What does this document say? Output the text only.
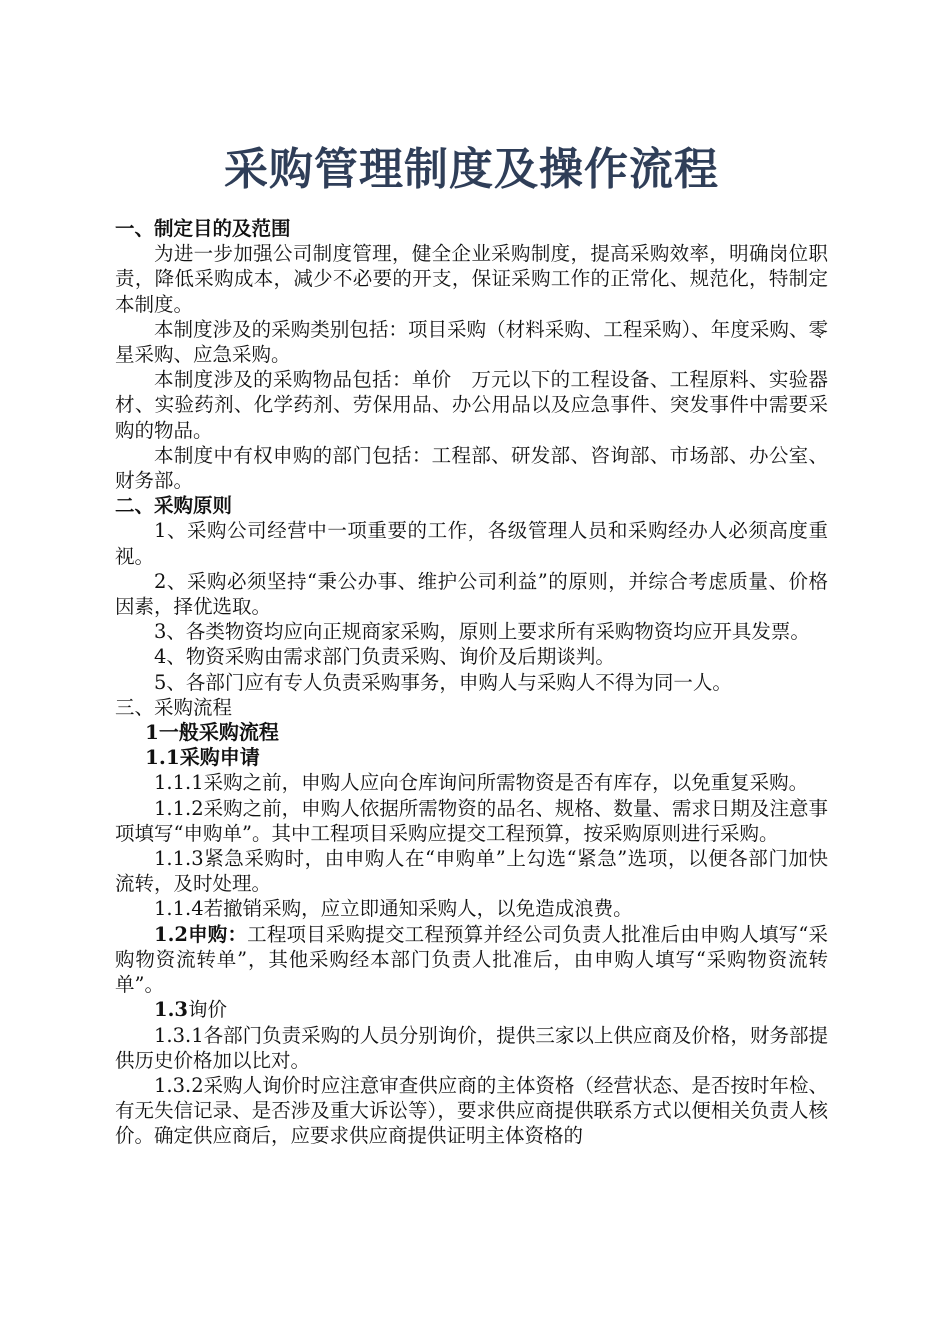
采购管理制度及操作流程

一、制定目的及范围

为进一步加强公司制度管理，健全企业采购制度，提高采购效率，明确岗位职责，降低采购成本，减少不必要的开支，保证采购工作的正常化、规范化，特制定本制度。

本制度涉及的采购类别包括：项目采购（材料采购、工程采购）、年度采购、零星采购、应急采购。

本制度涉及的采购物品包括：单价　万元以下的工程设备、工程原料、实验器材、实验药剂、化学药剂、劳保用品、办公用品以及应急事件、突发事件中需要采购的物品。

本制度中有权申购的部门包括：工程部、研发部、咨询部、市场部、办公室、财务部。

二、采购原则

1、采购公司经营中一项重要的工作，各级管理人员和采购经办人必须高度重视。

2、采购必须坚持“秉公办事、维护公司利益”的原则，并综合考虑质量、价格因素，择优选取。

3、各类物资均应向正规商家采购，原则上要求所有采购物资均应开具发票。

4、物资采购由需求部门负责采购、询价及后期谈判。

5、各部门应有专人负责采购事务，申购人与采购人不得为同一人。

三、采购流程

1一般采购流程

1.1采购申请

1.1.1采购之前，申购人应向仓库询问所需物资是否有库存，以免重复采购。

1.1.2采购之前，申购人依据所需物资的品名、规格、数量、需求日期及注意事项填写“申购单”。其中工程项目采购应提交工程预算，按采购原则进行采购。

1.1.3紧急采购时，由申购人在“申购单”上勾选“紧急”选项，以便各部门加快流转，及时处理。

1.1.4若撤销采购，应立即通知采购人，以免造成浪费。

1.2申购：工程项目采购提交工程预算并经公司负责人批准后由申购人填写“采购物资流转单”，其他采购经本部门负责人批准后，由申购人填写“采购物资流转单”。

1.3询价

1.3.1各部门负责采购的人员分别询价，提供三家以上供应商及价格，财务部提供历史价格加以比对。

1.3.2采购人询价时应注意审查供应商的主体资格（经营状态、是否按时年检、有无失信记录、是否涉及重大诉讼等），要求供应商提供联系方式以便相关负责人核价。确定供应商后，应要求供应商提供证明主体资格的
